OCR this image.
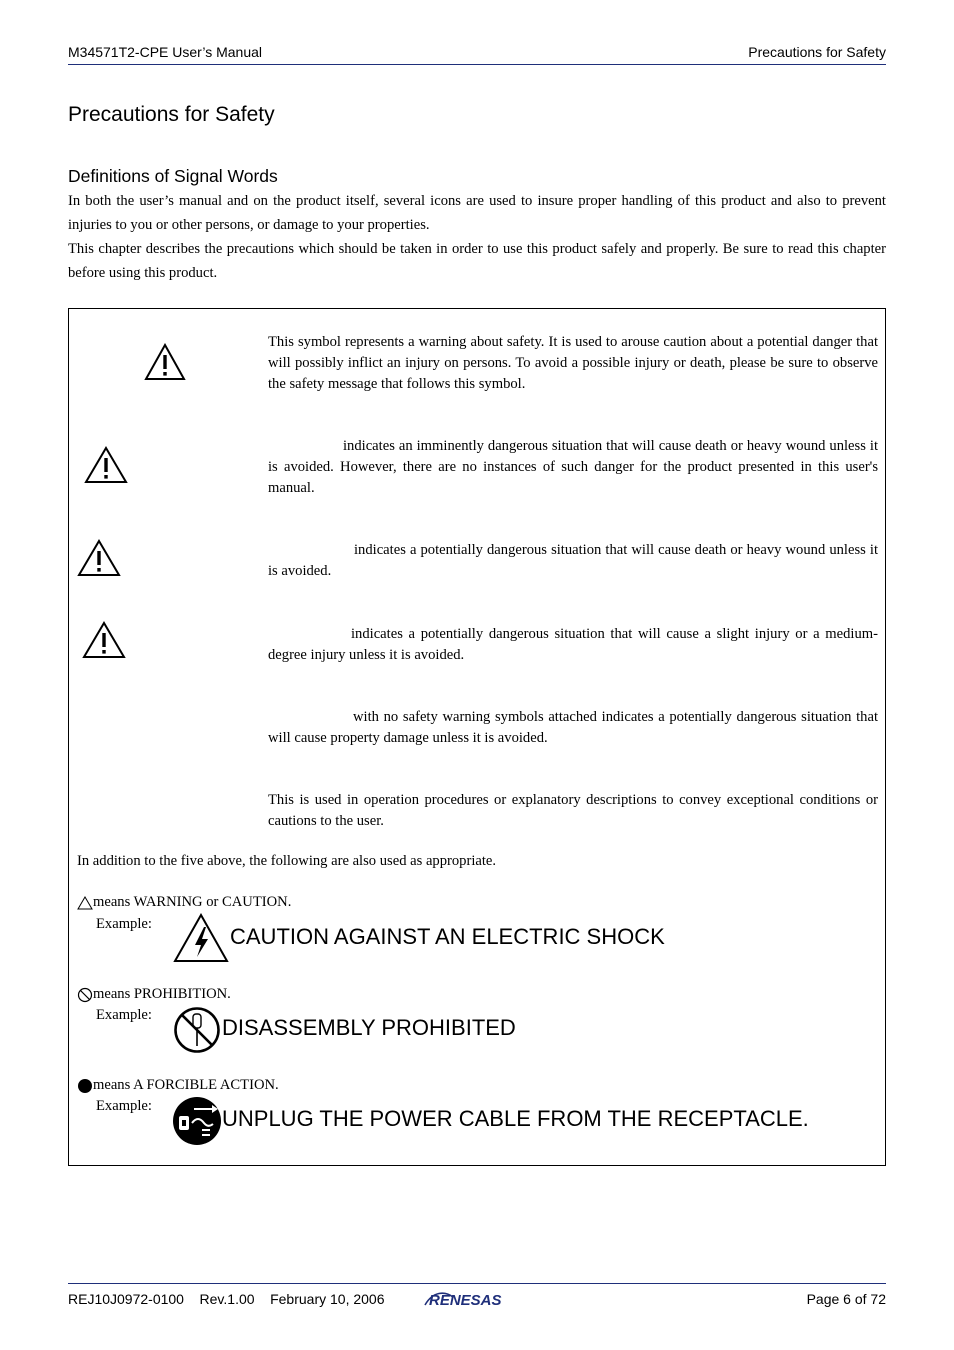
M34571T2-CPE User’s Manual	Precautions for Safety
Precautions for Safety
Definitions of Signal Words

In both the user’s manual and on the product itself, several icons are used to insure proper handling of this product and also to prevent injuries to you or other persons, or damage to your properties.

This chapter describes the precautions which should be taken in order to use this product safely and properly. Be sure to read this chapter before using this product.

This symbol represents a warning about safety. It is used to arouse caution about a potential danger that will possibly inflict an injury on persons. To avoid a possible injury or death, please be sure to observe the safety message that follows this symbol.
indicates an imminently dangerous situation that will cause death or heavy wound unless it is avoided. However, there are no instances of such danger for the product presented in this user's manual.
indicates a potentially dangerous situation that will cause death or heavy wound unless it is avoided.
indicates a potentially dangerous situation that will cause a slight injury or a medium-degree injury unless it is avoided.
with no safety warning symbols attached indicates a potentially dangerous situation that will cause property damage unless it is avoided.
This is used in operation procedures or explanatory descriptions to convey exceptional conditions or cautions to the user.
In addition to the five above, the following are also used as appropriate.
means WARNING or CAUTION.
Example:	CAUTION AGAINST AN ELECTRIC SHOCK
means PROHIBITION.
Example:	DISASSEMBLY PROHIBITED
means A FORCIBLE ACTION.
Example:	UNPLUG THE POWER CABLE FROM THE RECEPTACLE.
REJ10J0972-0100    Rev.1.00    February 10, 2006	RENESAS	Page 6 of 72
